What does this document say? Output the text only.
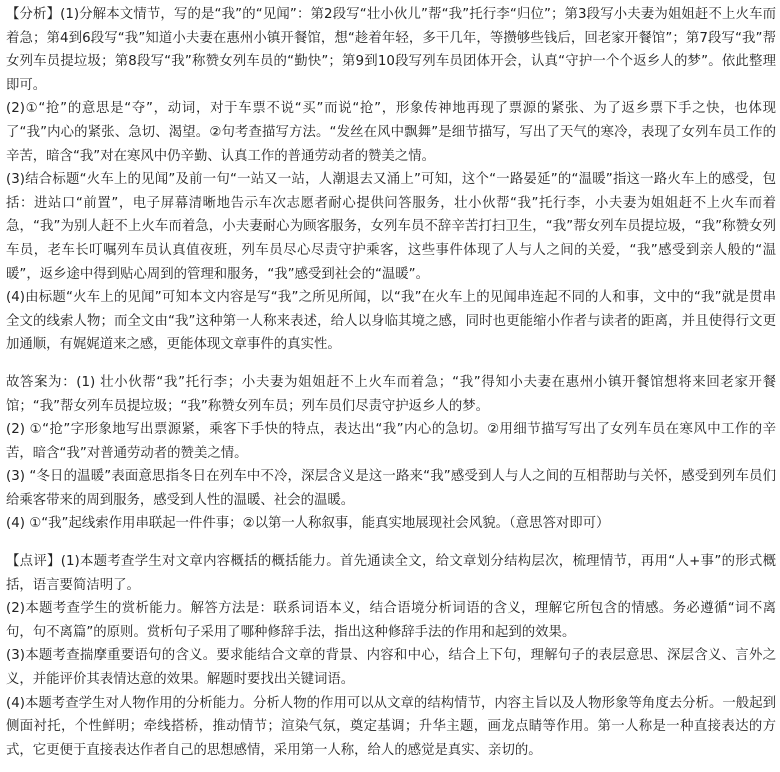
【分析】(1)分解本文情节，写的是“我”的“见闻”：第2段写“壮小伙儿”帮“我”托行李“归位”；第3段写小夫妻为姐姐赶不上火车而着急；第4到6段写“我”知道小夫妻在惠州小镇开餐馆，想“趁着年轻，多干几年，等攒够些钱后，回老家开餐馆”；第7段写“我”帮女列车员提垃圾；第8段写“我”称赞女列车员的“勤快”；第9到10段写列车员团体开会，认真“守护一个个返乡人的梦”。依此整理即可。

(2)①“抢”的意思是“夺”，动词，对于车票不说“买”而说“抢”，形象传神地再现了票源的紧张、为了返乡票下手之快，也体现了“我”内心的紧张、急切、渴望。②句考查描写方法。“发丝在风中飘舞”是细节描写，写出了天气的寒冷，表现了女列车员工作的辛苦，暗含“我”对在寒风中仍辛勤、认真工作的普通劳动者的赞美之情。

(3)结合标题“火车上的见闻”及前一句“一站又一站，人潮退去又涌上”可知，这个“一路晏延”的“温暖”指这一路火车上的感受，包括：进站口“前置”，电子屏幕清晰地告示车次志愿者耐心提供问答服务，壮小伙帮“我”托行李，小夫妻为姐姐赶不上火车而着急，“我”为别人赶不上火车而着急，小夫妻耐心为顾客服务，女列车员不辞辛苦打扫卫生，“我”帮女列车员提垃圾，“我”称赞女列车员，老车长叮嘱列车员认真值夜班，列车员尽心尽责守护乘客，这些事件体现了人与人之间的关爱，“我”感受到亲人般的“温暖”，返乡途中得到贴心周到的管理和服务，“我”感受到社会的“温暖”。

(4)由标题“火车上的见闻”可知本文内容是写“我”之所见所闻，以“我”在火车上的见闻串连起不同的人和事，文中的“我”就是贯串全文的线索人物；而全文由“我”这种第一人称来表述，给人以身临其境之感，同时也更能缩小作者与读者的距离，并且使得行文更加通顺，有娓娓道来之感，更能体现文章事件的真实性。

故答案为：(1) 壮小伙帮“我”托行李；小夫妻为姐姐赶不上火车而着急；“我”得知小夫妻在惠州小镇开餐馆想将来回老家开餐馆；“我”帮女列车员提垃圾；“我”称赞女列车员；列车员们尽责守护返乡人的梦。

(2) ①“抢”字形象地写出票源紧，乘客下手快的特点，表达出“我”内心的急切。②用细节描写写出了女列车员在寒风中工作的辛苦，暗含“我”对普通劳动者的赞美之情。

(3) “冬日的温暖”表面意思指冬日在列车中不冷，深层含义是这一路来“我”感受到人与人之间的互相帮助与关怀，感受到列车员们给乘客带来的周到服务，感受到人性的温暖、社会的温暖。

(4) ①“我”起线索作用串联起一件件事；②以第一人称叙事，能真实地展现社会风貌。（意思答对即可）

【点评】(1)本题考查学生对文章内容概括的概括能力。首先通读全文，给文章划分结构层次，梳理情节，再用“人+事”的形式概括，语言要简洁明了。

(2)本题考查学生的赏析能力。解答方法是：联系词语本义，结合语境分析词语的含义，理解它所包含的情感。务必遵循“词不离句，句不离篇”的原则。赏析句子采用了哪种修辞手法，指出这种修辞手法的作用和起到的效果。

(3)本题考查揣摩重要语句的含义。要求能结合文章的背景、内容和中心，结合上下句，理解句子的表层意思、深层含义、言外之义，并能评价其表情达意的效果。解题时要找出关键词语。

(4)本题考查学生对人物作用的分析能力。分析人物的作用可以从文章的结构情节，内容主旨以及人物形象等角度去分析。一般起到侧面衬托，个性鲜明；牵线搭桥，推动情节；渲染气氛，奠定基调；升华主题，画龙点睛等作用。第一人称是一种直接表达的方式，它更便于直接表达作者自己的思想感情，采用第一人称，给人的感觉是真实、亲切的。
